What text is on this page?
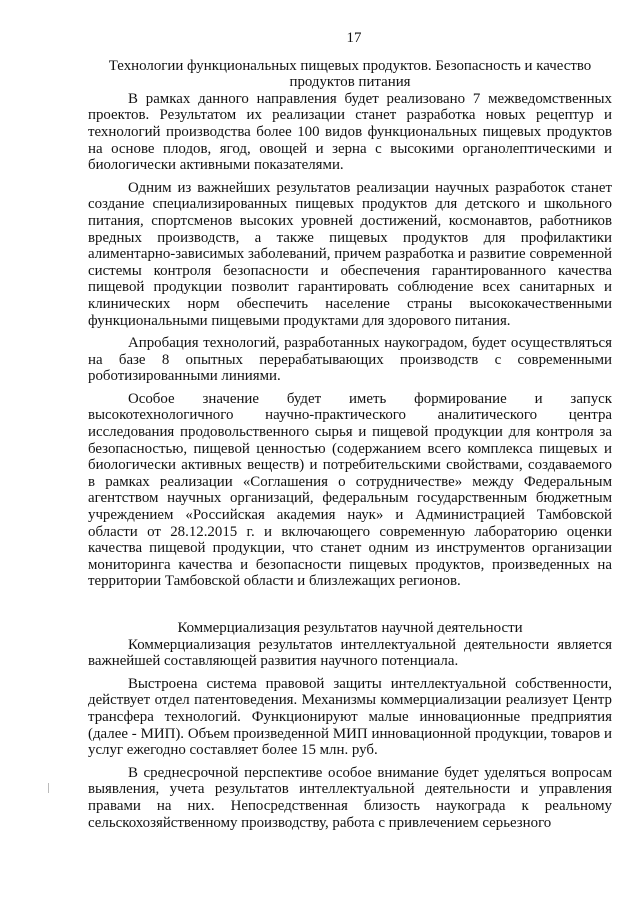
17
Технологии функциональных пищевых продуктов. Безопасность и качество продуктов питания

В рамках данного направления будет реализовано 7 межведомственных проектов. Результатом их реализации станет разработка новых рецептур и технологий производства более 100 видов функциональных пищевых продуктов на основе плодов, ягод, овощей и зерна с высокими органолептическими и биологически активными показателями.

Одним из важнейших результатов реализации научных разработок станет создание специализированных пищевых продуктов для детского и школьного питания, спортсменов высоких уровней достижений, космонавтов, работников вредных производств, а также пищевых продуктов для профилактики алиментарно-зависимых заболеваний, причем разработка и развитие современной системы контроля безопасности и обеспечения гарантированного качества пищевой продукции позволит гарантировать соблюдение всех санитарных и клинических норм обеспечить население страны высококачественными функциональными пищевыми продуктами для здорового питания.

Апробация технологий, разработанных наукоградом, будет осуществляться на базе 8 опытных перерабатывающих производств с современными роботизированными линиями.

Особое значение будет иметь формирование и запуск высокотехнологичного научно-практического аналитического центра исследования продовольственного сырья и пищевой продукции для контроля за безопасностью, пищевой ценностью (содержанием всего комплекса пищевых и биологически активных веществ) и потребительскими свойствами, создаваемого в рамках реализации «Соглашения о сотрудничестве» между Федеральным агентством научных организаций, федеральным государственным бюджетным учреждением «Российская академия наук» и Администрацией Тамбовской области от 28.12.2015 г. и включающего современную лабораторию оценки качества пищевой продукции, что станет одним из инструментов организации мониторинга качества и безопасности пищевых продуктов, произведенных на территории Тамбовской области и близлежащих регионов.

Коммерциализация результатов научной деятельности

Коммерциализация результатов интеллектуальной деятельности является важнейшей составляющей развития научного потенциала.

Выстроена система правовой защиты интеллектуальной собственности, действует отдел патентоведения. Механизмы коммерциализации реализует Центр трансфера технологий. Функционируют малые инновационные предприятия (далее - МИП). Объем произведенной МИП инновационной продукции, товаров и услуг ежегодно составляет более 15 млн. руб.

В среднесрочной перспективе особое внимание будет уделяться вопросам выявления, учета результатов интеллектуальной деятельности и управления правами на них. Непосредственная близость наукограда к реальному сельскохозяйственному производству, работа с привлечением серьезного
